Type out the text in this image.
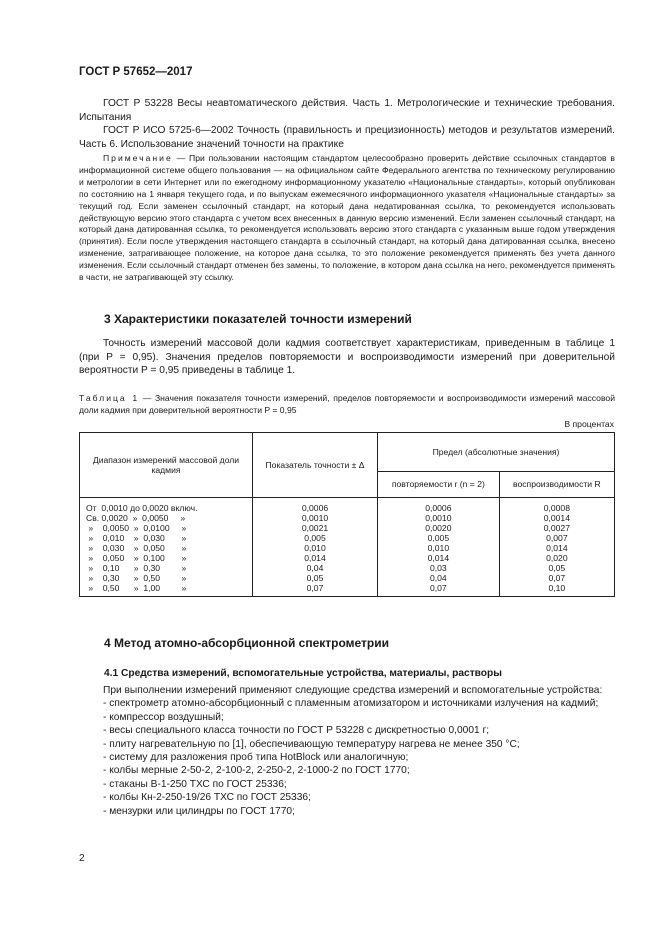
ГОСТ Р 57652—2017
ГОСТ Р 53228 Весы неавтоматического действия. Часть 1. Метрологические и технические требования. Испытания
ГОСТ Р ИСО 5725-6—2002 Точность (правильность и прецизионность) методов и результатов измерений. Часть 6. Использование значений точности на практике
Примечание — При пользовании настоящим стандартом целесообразно проверить действие ссылочных стандартов в информационной системе общего пользования — на официальном сайте Федерального агентства по техническому регулированию и метрологии в сети Интернет или по ежегодному информационному указателю «Национальные стандарты», который опубликован по состоянию на 1 января текущего года, и по выпускам ежемесячного информационного указателя «Национальные стандарты» за текущий год. Если заменен ссылочный стандарт, на который дана недатированная ссылка, то рекомендуется использовать действующую версию этого стандарта с учетом всех внесенных в данную версию изменений. Если заменен ссылочный стандарт, на который дана датированная ссылка, то рекомендуется использовать версию этого стандарта с указанным выше годом утверждения (принятия). Если после утверждения настоящего стандарта в ссылочный стандарт, на который дана датированная ссылка, внесено изменение, затрагивающее положение, на которое дана ссылка, то это положение рекомендуется применять без учета данного изменения. Если ссылочный стандарт отменен без замены, то положение, в котором дана ссылка на него, рекомендуется применять в части, не затрагивающей эту ссылку.
3 Характеристики показателей точности измерений
Точность измерений массовой доли кадмия соответствует характеристикам, приведенным в таблице 1 (при P = 0,95). Значения пределов повторяемости и воспроизводимости измерений при доверительной вероятности P = 0,95 приведены в таблице 1.
Таблица 1 — Значения показателя точности измерений, пределов повторяемости и воспроизводимости измерений массовой доли кадмия при доверительной вероятности P = 0,95
В процентах
Диапазон измерений массовой доли кадмия	Показатель точности ± Δ	Предел (абсолютные значения)	
		повторяемости r (n = 2)	воспроизводимости R
От  0,0010 до 0,0020 включ.	0,0006	0,0006	0,0008
Св. 0,0020  »  0,0050     »	0,0010	0,0010	0,0014
»    0,0050  »  0,0100     »	0,0021	0,0020	0,0027
»    0,010    »  0,030       »	0,005	0,005	0,007
»    0,030    »  0,050       »	0,010	0,010	0,014
»    0,050    »  0,100       »	0,014	0,014	0,020
»    0,10      »  0,30         »	0,04	0,03	0,05
»    0,30      »  0,50         »	0,05	0,04	0,07
»    0,50      »  1,00         »	0,07	0,07	0,10
4 Метод атомно-абсорбционной спектрометрии
4.1 Средства измерений, вспомогательные устройства, материалы, растворы

При выполнении измерений применяют следующие средства измерений и вспомогательные устройства:

- спектрометр атомно-абсорбционный с пламенным атомизатором и источниками излучения на кадмий;

- компрессор воздушный;

- весы специального класса точности по ГОСТ Р 53228 с дискретностью 0,0001 г;

- плиту нагревательную по [1], обеспечивающую температуру нагрева не менее 350 °С;

- систему для разложения проб типа HotBlock или аналогичную;

- колбы мерные 2-50-2, 2-100-2, 2-250-2, 2-1000-2 по ГОСТ 1770;

- стаканы В-1-250 ТХС по ГОСТ 25336;

- колбы Кн-2-250-19/26 ТХС по ГОСТ 25336;

- мензурки или цилиндры по ГОСТ 1770;

2
